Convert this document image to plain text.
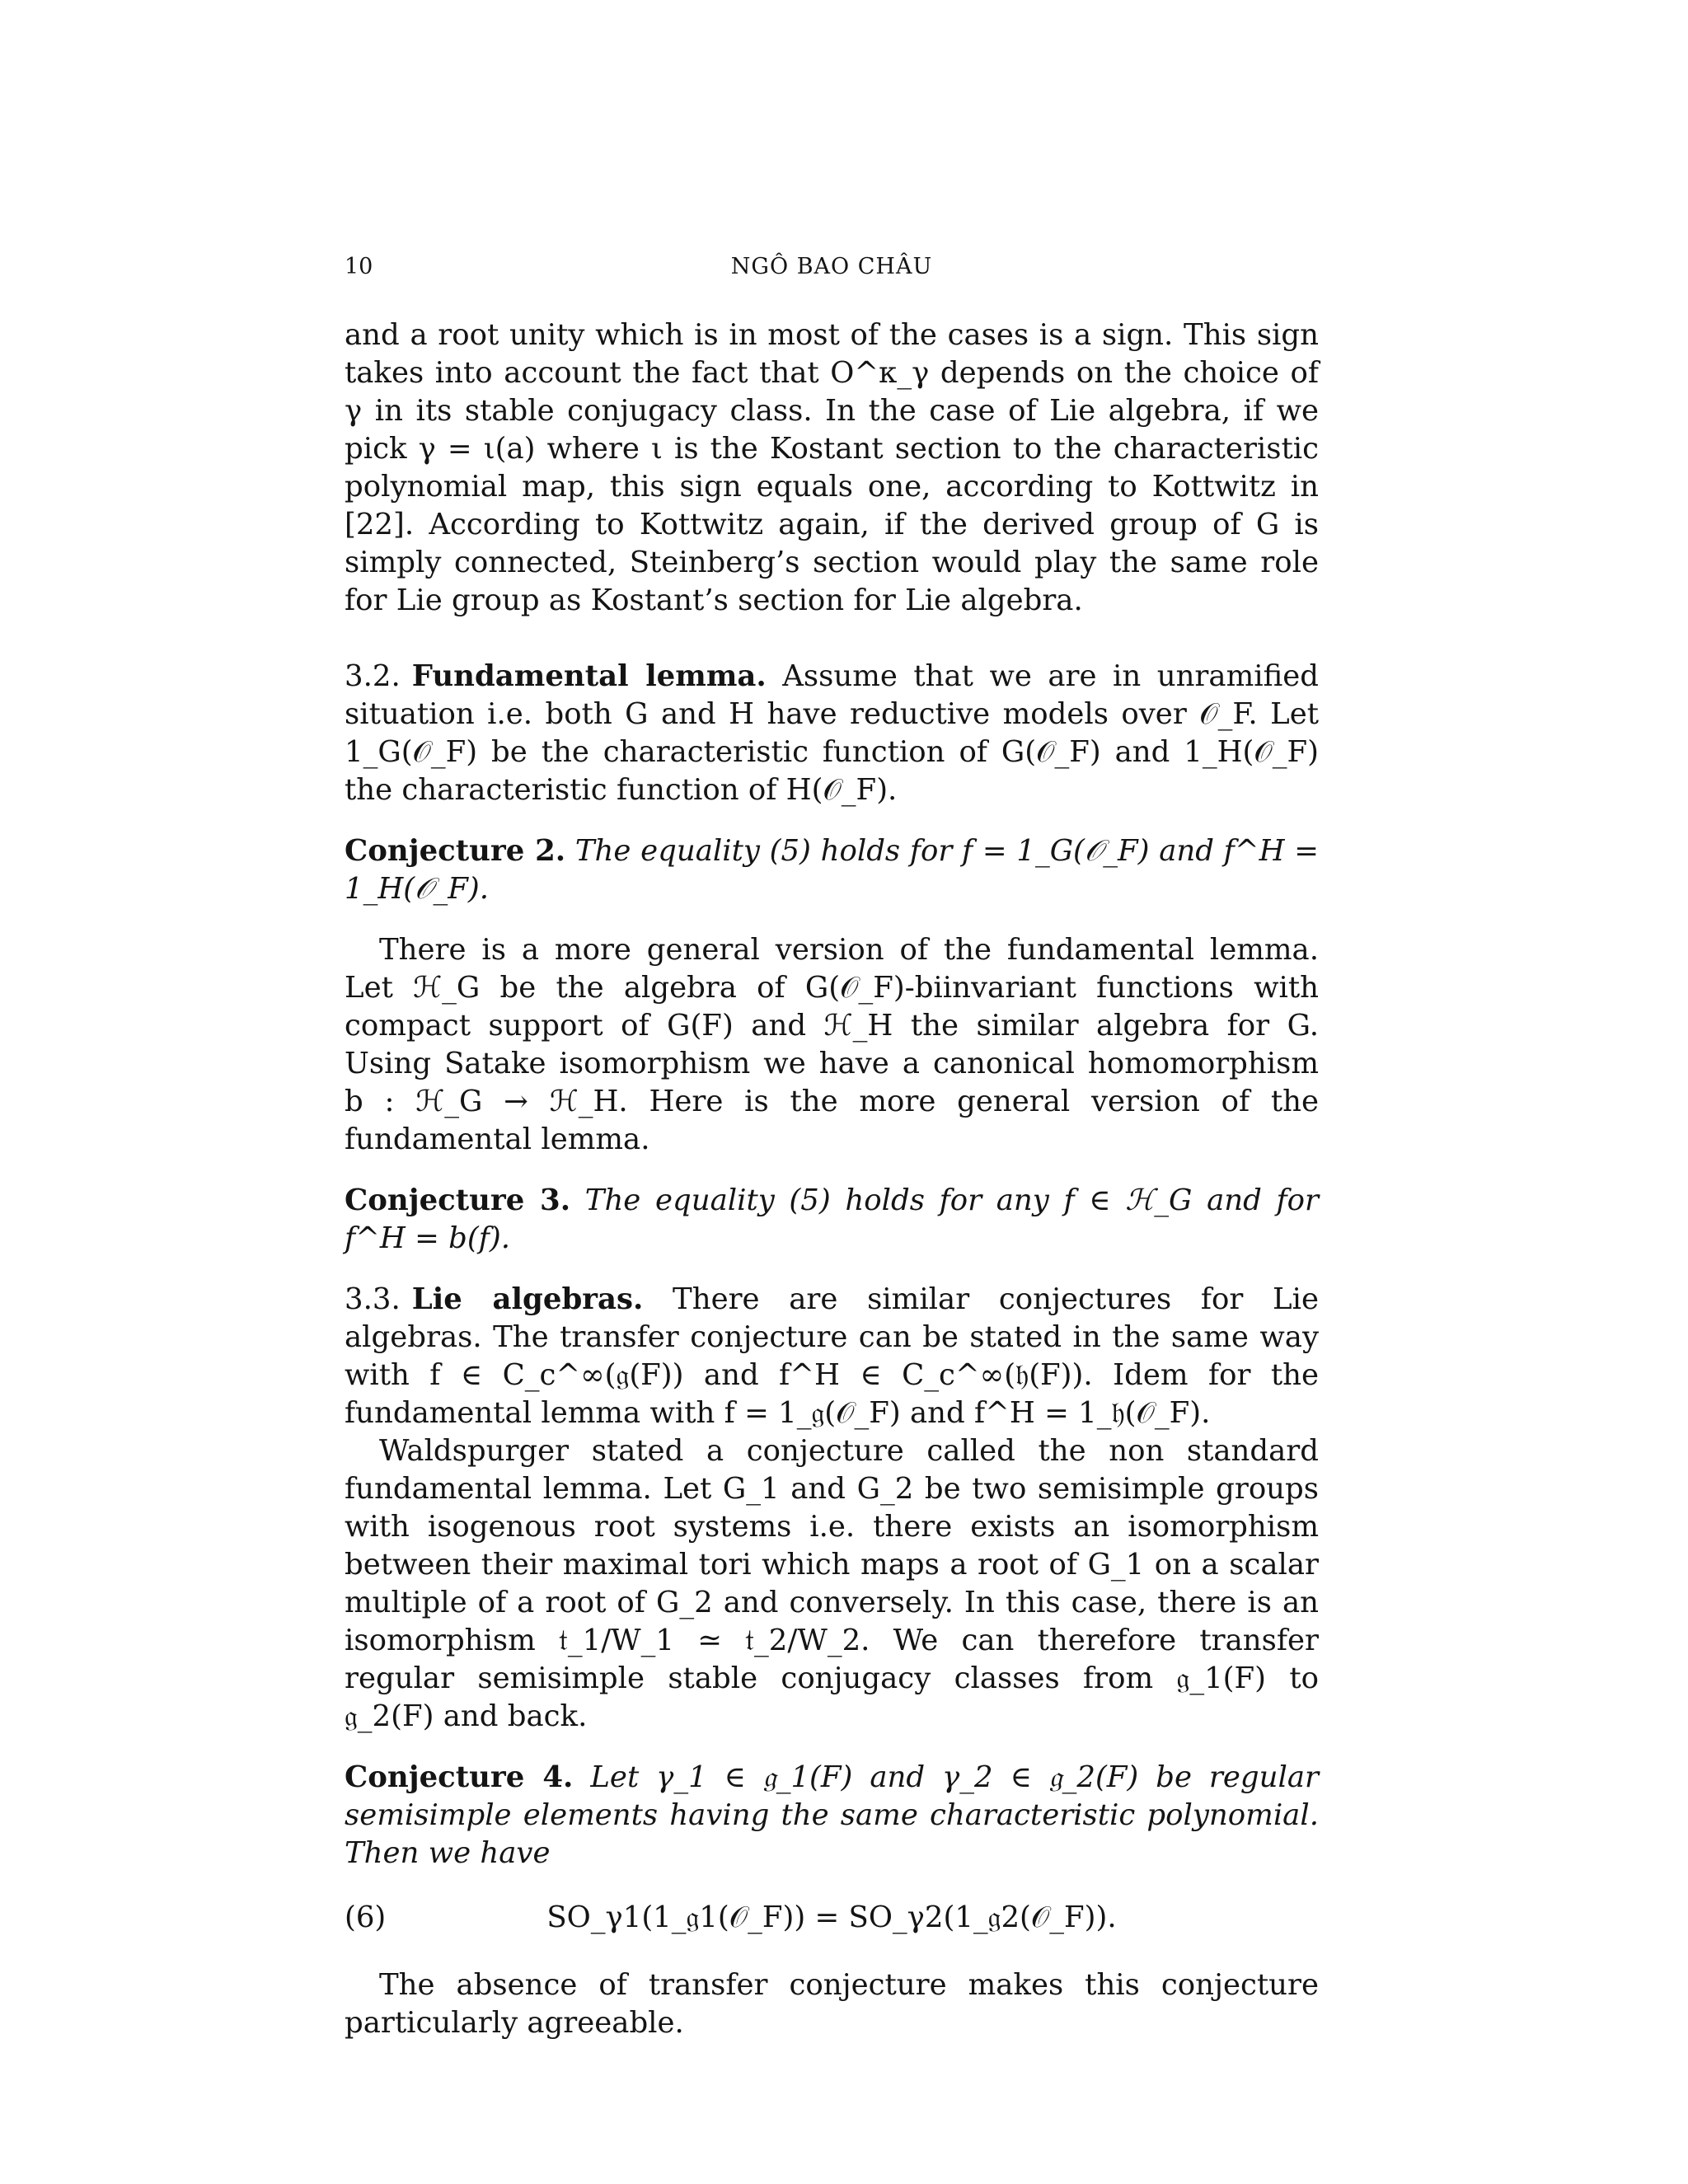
10	NGÔ BAO CHÂU

and a root unity which is in most of the cases is a sign. This sign takes into account the fact that O^κ_γ depends on the choice of γ in its stable conjugacy class. In the case of Lie algebra, if we pick γ = ι(a) where ι is the Kostant section to the characteristic polynomial map, this sign equals one, according to Kottwitz in [22]. According to Kottwitz again, if the derived group of G is simply connected, Steinberg’s section would play the same role for Lie group as Kostant’s section for Lie algebra.

3.2. Fundamental lemma. Assume that we are in unramified situation i.e. both G and H have reductive models over 𝒪_F. Let 1_G(𝒪_F) be the characteristic function of G(𝒪_F) and 1_H(𝒪_F) the characteristic function of H(𝒪_F).

Conjecture 2. The equality (5) holds for f = 1_G(𝒪_F) and f^H = 1_H(𝒪_F).

There is a more general version of the fundamental lemma. Let ℋ_G be the algebra of G(𝒪_F)-biinvariant functions with compact support of G(F) and ℋ_H the similar algebra for G. Using Satake isomorphism we have a canonical homomorphism b : ℋ_G → ℋ_H. Here is the more general version of the fundamental lemma.

Conjecture 3. The equality (5) holds for any f ∈ ℋ_G and for f^H = b(f).

3.3. Lie algebras. There are similar conjectures for Lie algebras. The transfer conjecture can be stated in the same way with f ∈ C_c^∞(𝔤(F)) and f^H ∈ C_c^∞(𝔥(F)). Idem for the fundamental lemma with f = 1_𝔤(𝒪_F) and f^H = 1_𝔥(𝒪_F).

Waldspurger stated a conjecture called the non standard fundamental lemma. Let G_1 and G_2 be two semisimple groups with isogenous root systems i.e. there exists an isomorphism between their maximal tori which maps a root of G_1 on a scalar multiple of a root of G_2 and conversely. In this case, there is an isomorphism 𝔱_1/W_1 ≃ 𝔱_2/W_2. We can therefore transfer regular semisimple stable conjugacy classes from 𝔤_1(F) to 𝔤_2(F) and back.

Conjecture 4. Let γ_1 ∈ 𝔤_1(F) and γ_2 ∈ 𝔤_2(F) be regular semisimple elements having the same characteristic polynomial. Then we have

(6)	SO_γ1(1_𝔤1(𝒪_F)) = SO_γ2(1_𝔤2(𝒪_F)).

The absence of transfer conjecture makes this conjecture particularly agreeable.
